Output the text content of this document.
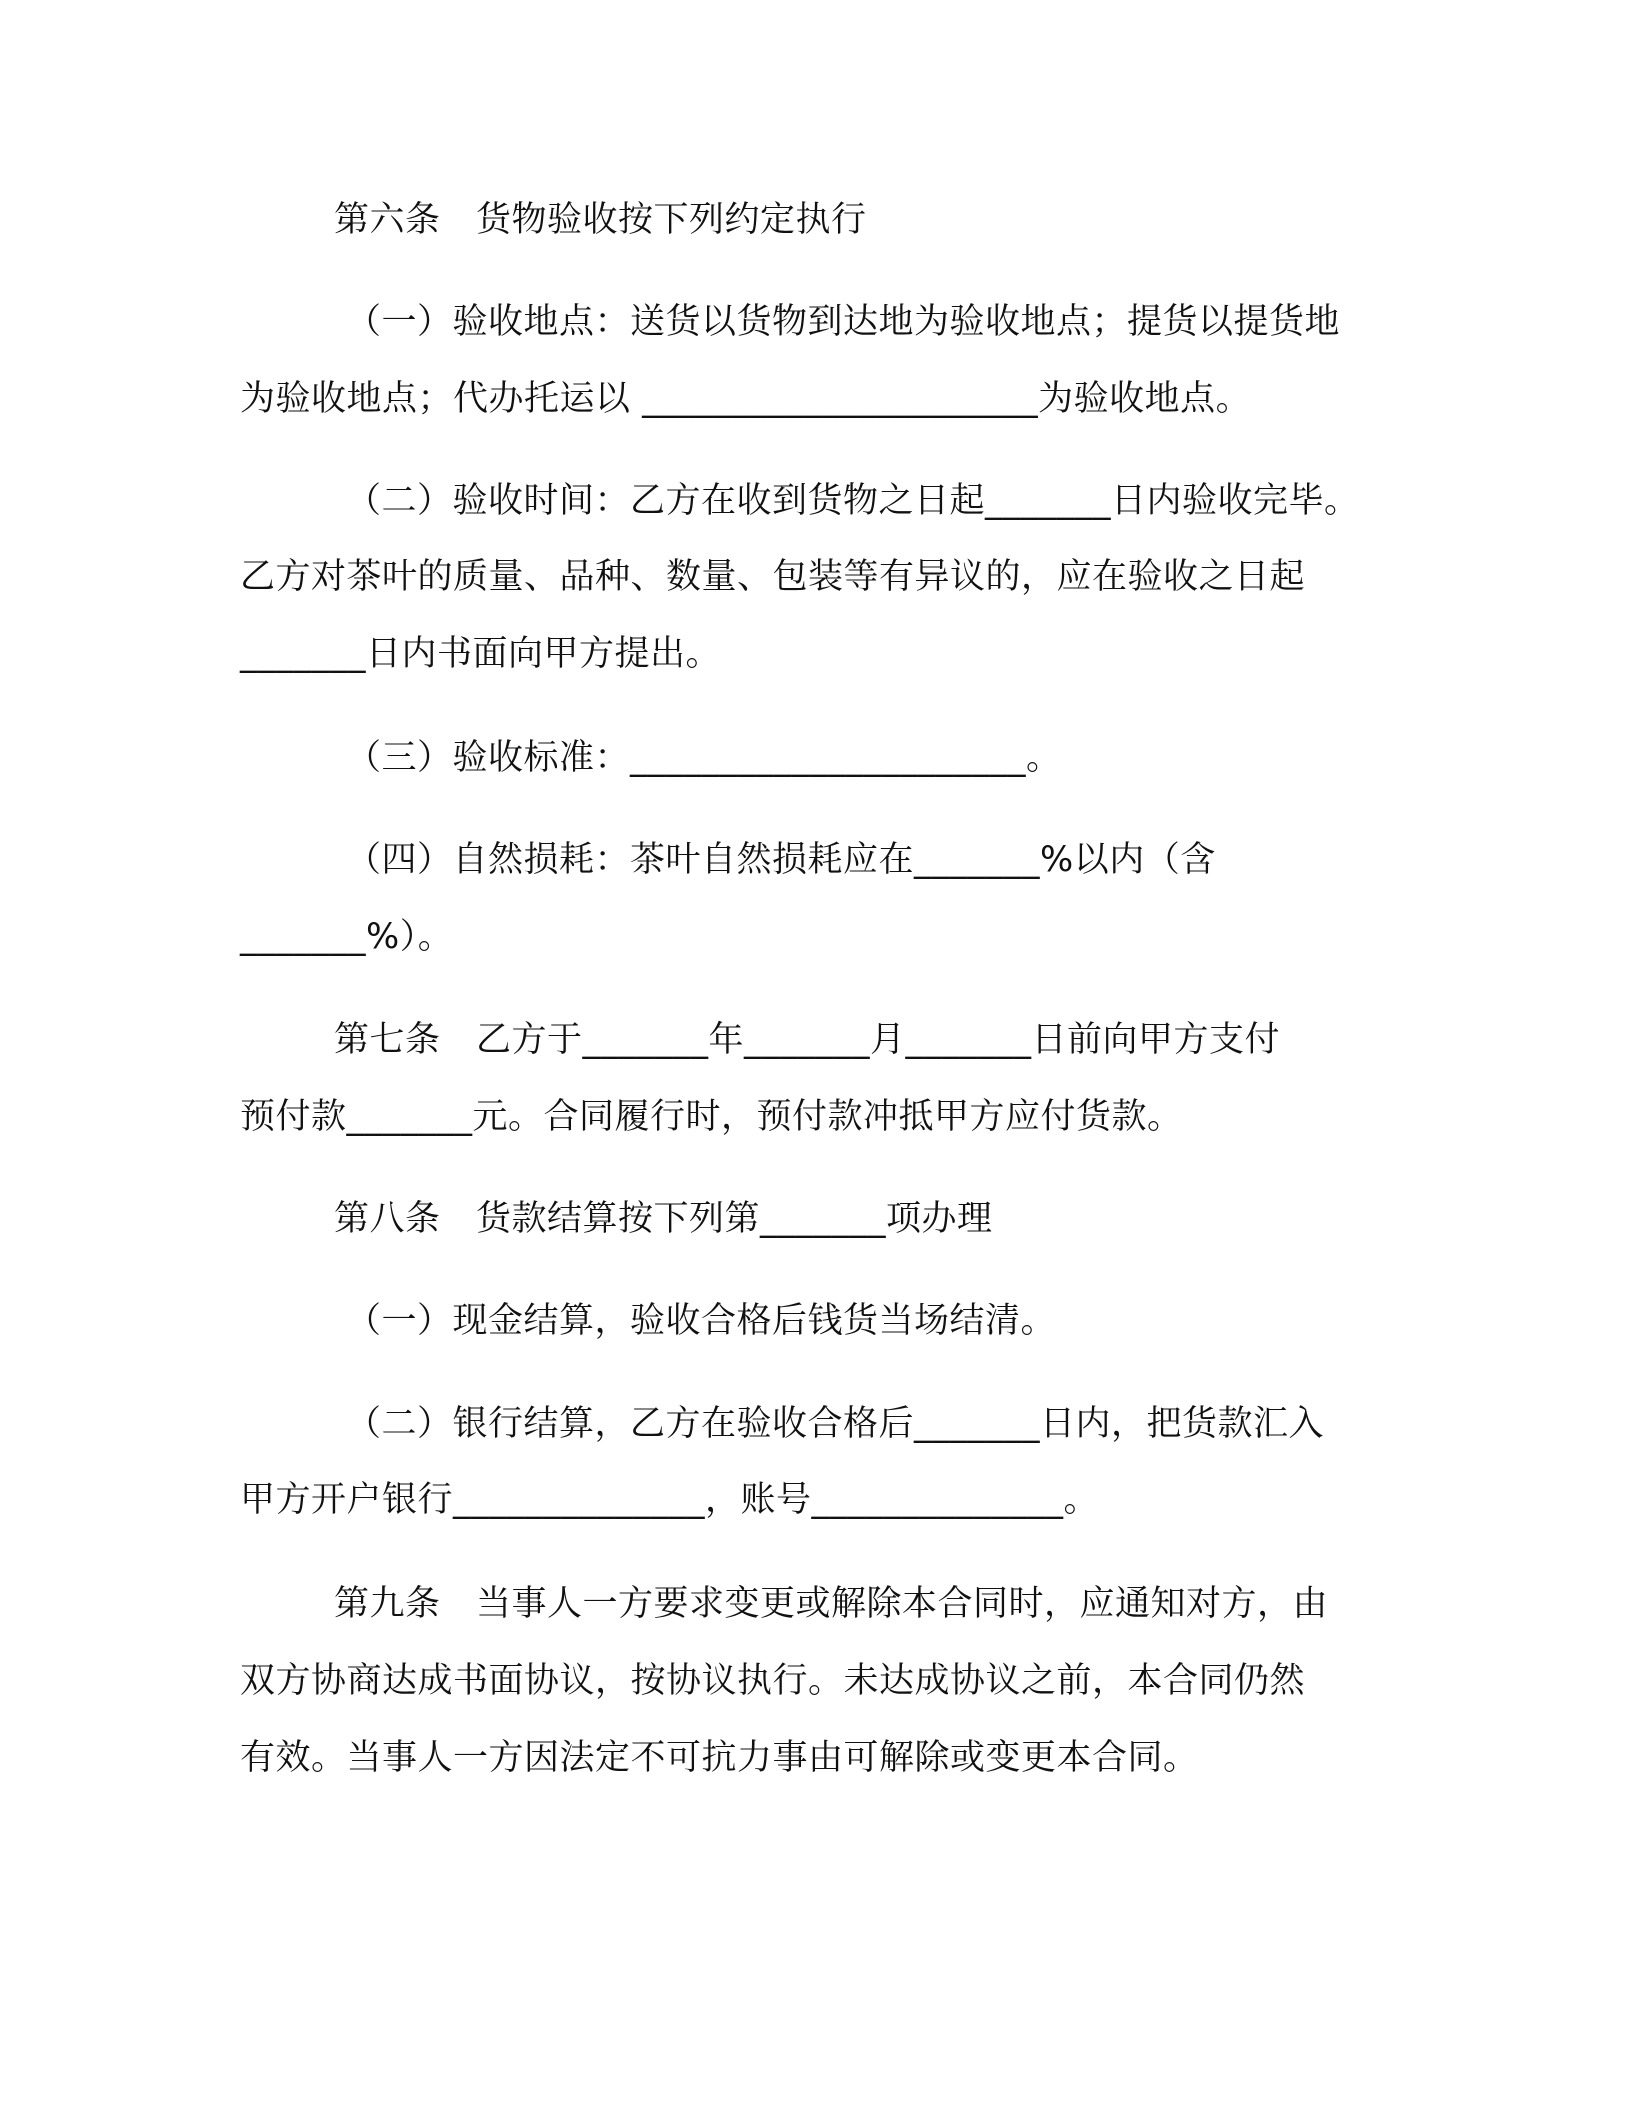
第六条　货物验收按下列约定执行

（一）验收地点：送货以货物到达地为验收地点；提货以提货地

为验收地点；代办托运以 ______________________为验收地点。

（二）验收时间：乙方在收到货物之日起_______日内验收完毕。

乙方对茶叶的质量、品种、数量、包装等有异议的，应在验收之日起

_______日内书面向甲方提出。

（三）验收标准：______________________。

（四）自然损耗：茶叶自然损耗应在_______%以内（含

_______%）。

第七条　乙方于_______年_______月_______日前向甲方支付

预付款_______元。合同履行时，预付款冲抵甲方应付货款。

第八条　货款结算按下列第_______项办理

（一）现金结算，验收合格后钱货当场结清。

（二）银行结算，乙方在验收合格后_______日内，把货款汇入

甲方开户银行______________，账号______________。

第九条　当事人一方要求变更或解除本合同时，应通知对方，由

双方协商达成书面协议，按协议执行。未达成协议之前，本合同仍然

有效。当事人一方因法定不可抗力事由可解除或变更本合同。
